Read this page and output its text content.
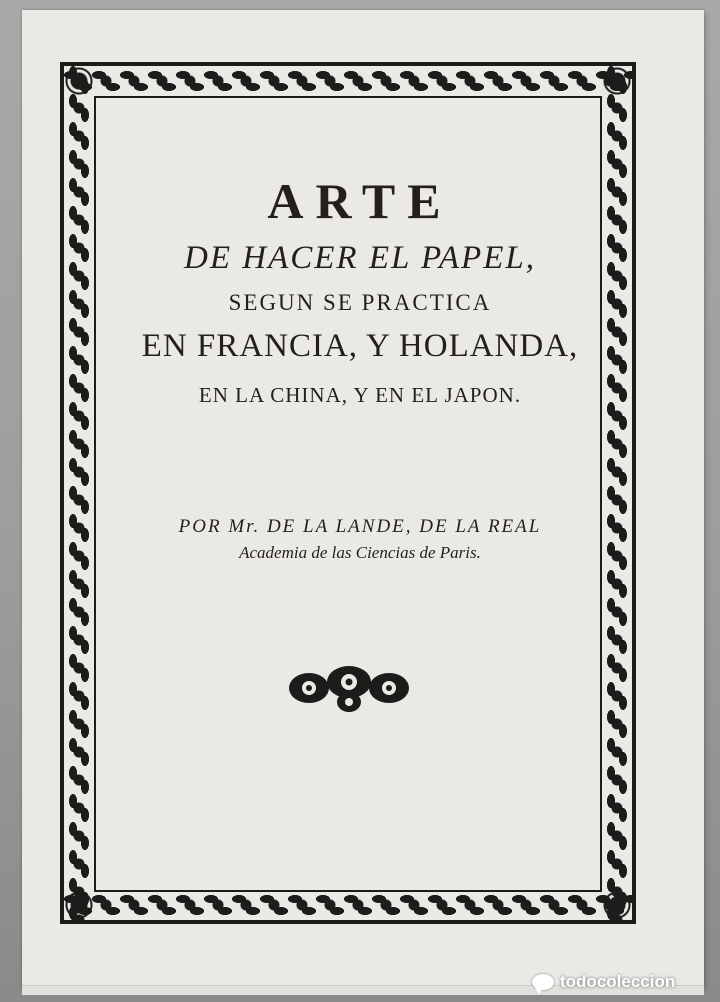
ARTE
DE HACER EL PAPEL,
SEGUN SE PRACTICA
EN FRANCIA, Y HOLANDA,
EN LA CHINA, Y EN EL JAPON.
POR Mr. DE LA LANDE, DE LA REAL
Academia de las Ciencias de Paris.
todocoleccion
